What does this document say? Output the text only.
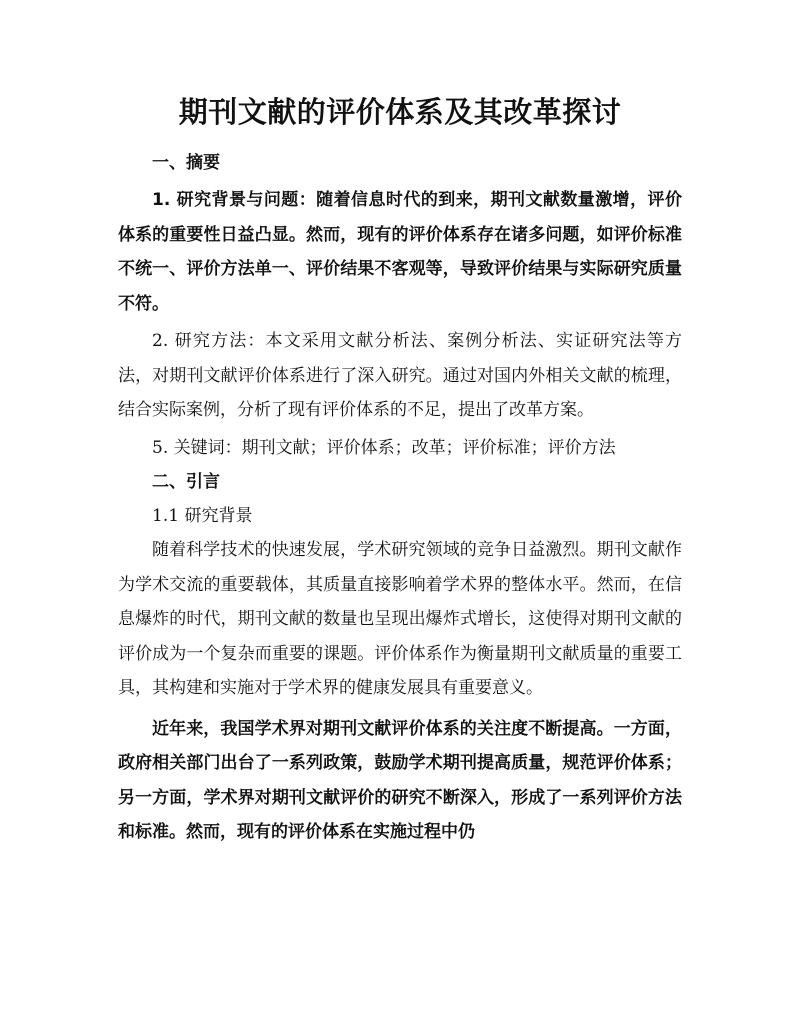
期刊文献的评价体系及其改革探讨

一、摘要

1. 研究背景与问题：随着信息时代的到来，期刊文献数量激增，评价体系的重要性日益凸显。然而，现有的评价体系存在诸多问题，如评价标准不统一、评价方法单一、评价结果不客观等，导致评价结果与实际研究质量不符。

2. 研究方法：本文采用文献分析法、案例分析法、实证研究法等方法，对期刊文献评价体系进行了深入研究。通过对国内外相关文献的梳理，结合实际案例，分析了现有评价体系的不足，提出了改革方案。

5. 关键词：期刊文献；评价体系；改革；评价标准；评价方法

二、引言

1.1 研究背景

随着科学技术的快速发展，学术研究领域的竞争日益激烈。期刊文献作为学术交流的重要载体，其质量直接影响着学术界的整体水平。然而，在信息爆炸的时代，期刊文献的数量也呈现出爆炸式增长，这使得对期刊文献的评价成为一个复杂而重要的课题。评价体系作为衡量期刊文献质量的重要工具，其构建和实施对于学术界的健康发展具有重要意义。

近年来，我国学术界对期刊文献评价体系的关注度不断提高。一方面，政府相关部门出台了一系列政策，鼓励学术期刊提高质量，规范评价体系；另一方面，学术界对期刊文献评价的研究不断深入，形成了一系列评价方法和标准。然而，现有的评价体系在实施过程中仍
